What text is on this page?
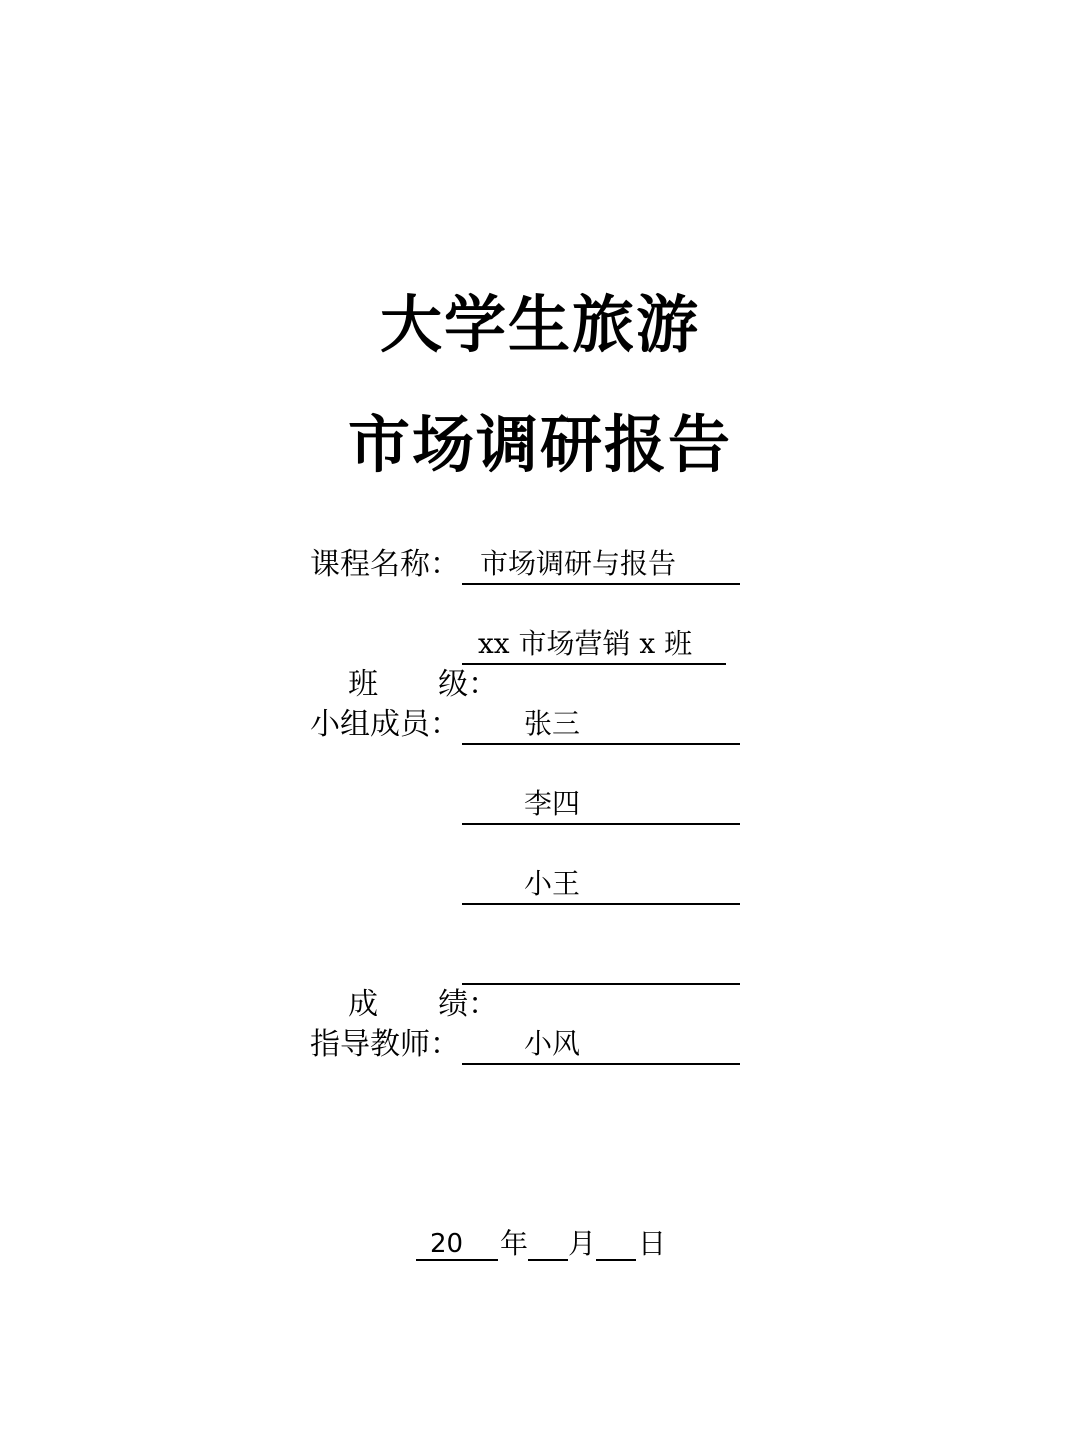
大学生旅游
市场调研报告
课程名称： 市场调研与报告

班 级：

xx 市场营销 x 班
小组成员： 张三
李四
小王

成 绩：

指导教师： 小风
20 年 月 日
